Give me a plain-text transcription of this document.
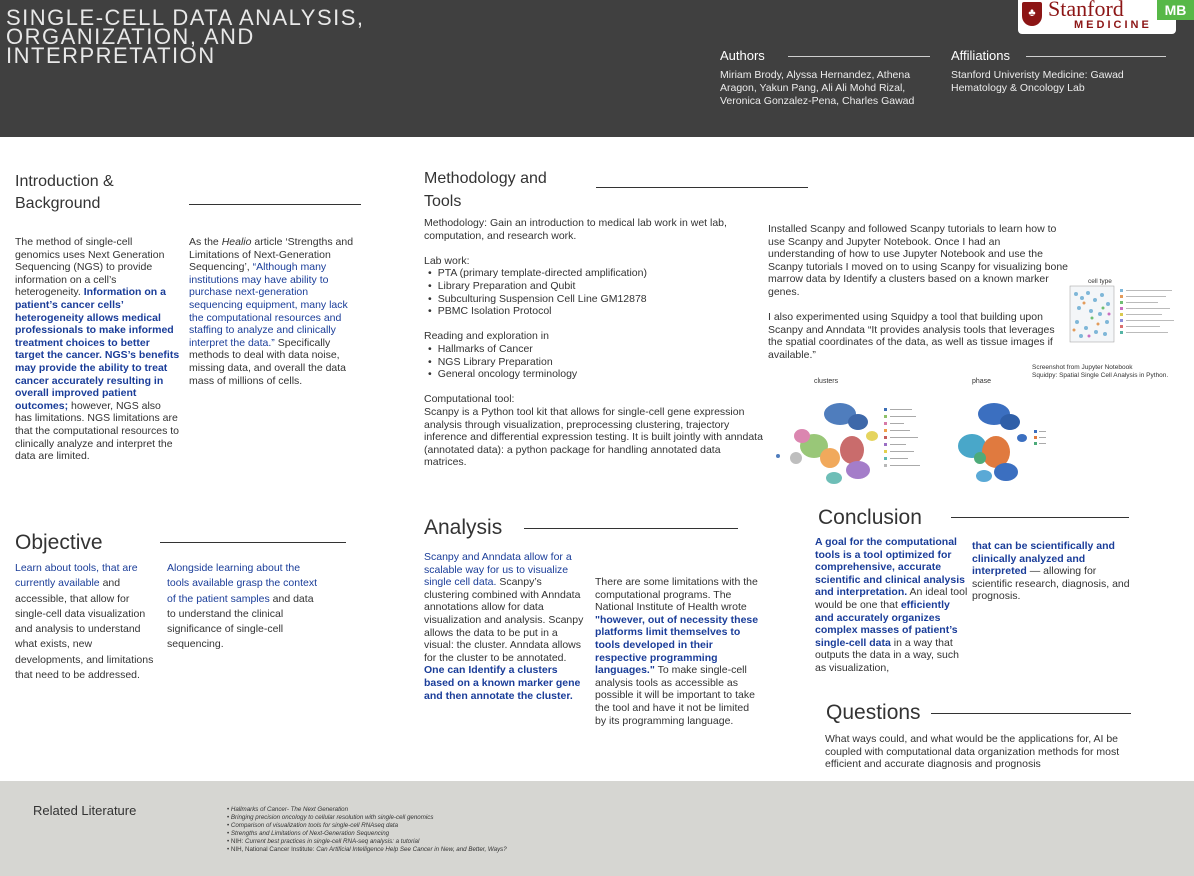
SINGLE-CELL DATA ANALYSIS, ORGANIZATION, AND INTERPRETATION	Authors
Miriam Brody, Alyssa Hernandez, Athena Aragon, Yakun Pang, Ali Ali Mohd Rizal, Veronica Gonzalez-Pena, Charles Gawad
Affiliations
Stanford Univeristy Medicine: Gawad Hematology & Oncology Lab
♣ Stanford
MEDICINE
MB
Introduction & Background
The method of single-cell genomics uses Next Generation Sequencing (NGS) to provide information on a cell’s heterogeneity. Information on a patient’s cancer cells’ heterogeneity allows medical professionals to make informed treatment choices to better target the cancer. NGS’s benefits may provide the ability to treat cancer accurately resulting in overall improved patient outcomes; however, NGS also has limitations. NGS limitations are that the computational resources to clinically analyze and interpret the data are limited.
As the Healio article ‘Strengths and Limitations of Next-Generation Sequencing’, “Although many institutions may have ability to purchase next-generation sequencing equipment, many lack the computational resources and staffing to analyze and clinically interpret the data.” Specifically methods to deal with data noise, missing data, and overall the data mass of millions of cells.
Objective
Learn about tools, that are currently available and accessible, that allow for single-cell data visualization and analysis to understand what exists, new developments, and limitations that need to be addressed.
Alongside learning about the tools available grasp the context of the patient samples and data to understand the clinical significance of single-cell sequencing.
Methodology and
Tools
Methodology: Gain an introduction to medical lab work in wet lab, computation, and research work.
Lab work:
• PTA (primary template-directed amplification)
• Library Preparation and Qubit
• Subculturing Suspension Cell Line GM12878
• PBMC Isolation Protocol
Reading and exploration in
• Hallmarks of Cancer
• NGS Library Preparation
• General oncology terminology
Computational tool:
Scanpy is a Python tool kit that allows for single-cell gene expression analysis through visualization, preprocessing clustering, trajectory inference and differential expression testing. It is built jointly with anndata (annotated data): a python package for handling annotated data matrices.
Installed Scanpy and followed Scanpy tutorials to learn how to use Scanpy and Jupyter Notebook. Once I had an understanding of how to use Jupyter Notebook and use the Scanpy tutorials I moved on to using Scanpy for visualizing bone marrow data by Identify a clusters based on a known marker genes.
I also experimented using Squidpy a tool that building upon Scanpy and Anndata “It provides analysis tools that leverages the spatial coordinates of the data, as well as tissue images if available.”
cell type
Screenshot from Jupyter Notebook
Squidpy: Spatial Single Cell Analysis in Python.
clusters	phase
Analysis
Scanpy and Anndata allow for a scalable way for us to visualize single cell data. Scanpy’s clustering combined with Anndata annotations allow for data visualization and analysis. Scanpy allows the data to be put in a visual: the cluster. Anndata allows for the cluster to be annotated. One can Identify a clusters based on a known marker gene and then annotate the cluster.
There are some limitations with the computational programs. The National Institute of Health wrote "however, out of necessity these platforms limit themselves to tools developed in their respective programming languages." To make single-cell analysis tools as accessible as possible it will be important to take the tool and have it not be limited by its programming language.
Conclusion
A goal for the computational tools is a tool optimized for comprehensive, accurate scientific and clinical analysis and interpretation. An ideal tool would be one that efficiently and accurately organizes complex masses of patient’s single-cell data in a way that outputs the data in a way, such as visualization,
that can be scientifically and clinically analyzed and interpreted — allowing for scientific research, diagnosis, and prognosis.
Questions
What ways could, and what would be the applications for, AI be coupled with computational data organization methods for most efficient and accurate diagnosis and prognosis
Related Literature	• Hallmarks of Cancer- The Next Generation
• Bringing precision oncology to cellular resolution with single-cell genomics
• Comparison of visualization tools for single-cell RNAseq data
• Strengths and Limitations of Next-Generation Sequencing
• NIH: Current best practices in single-cell RNA-seq analysis: a tutorial
• NIH, National Cancer Institute: Can Artificial Intelligence Help See Cancer in New, and Better, Ways?
